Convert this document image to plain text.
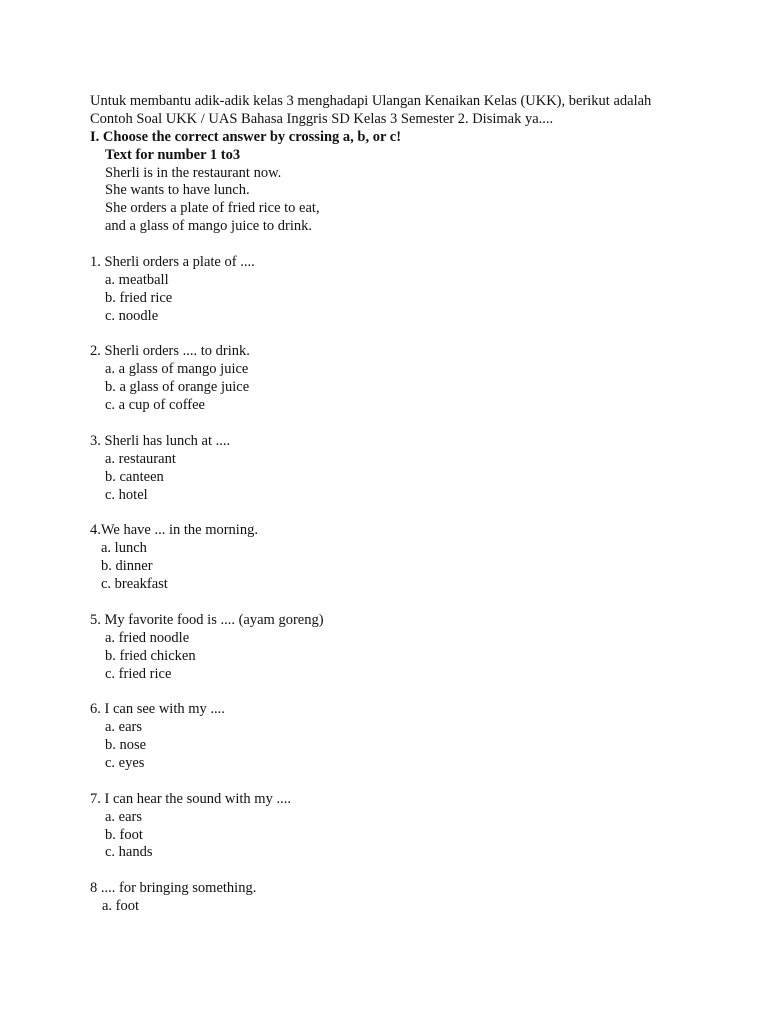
Untuk membantu adik-adik kelas 3 menghadapi Ulangan Kenaikan Kelas (UKK), berikut adalah
Contoh Soal UKK / UAS Bahasa Inggris SD Kelas 3 Semester 2. Disimak ya....
I. Choose the correct answer by crossing a, b, or c!
Text for number 1 to3
Sherli is in the restaurant now.
She wants to have lunch.
She orders a plate of fried rice to eat,
and a glass of mango juice to drink.
1. Sherli orders a plate of ....
a. meatball
b. fried rice
c. noodle
2. Sherli orders .... to drink.
a. a glass of mango juice
b. a glass of orange juice
c. a cup of coffee
3. Sherli has lunch at ....
a. restaurant
b. canteen
c. hotel
4.We have ... in the morning.
a. lunch
b. dinner
c. breakfast
5. My favorite food is .... (ayam goreng)
a. fried noodle
b. fried chicken
c. fried rice
6. I can see with my ....
a. ears
b. nose
c. eyes
7. I can hear the sound with my ....
a. ears
b. foot
c. hands
8 .... for bringing something.
a. foot
